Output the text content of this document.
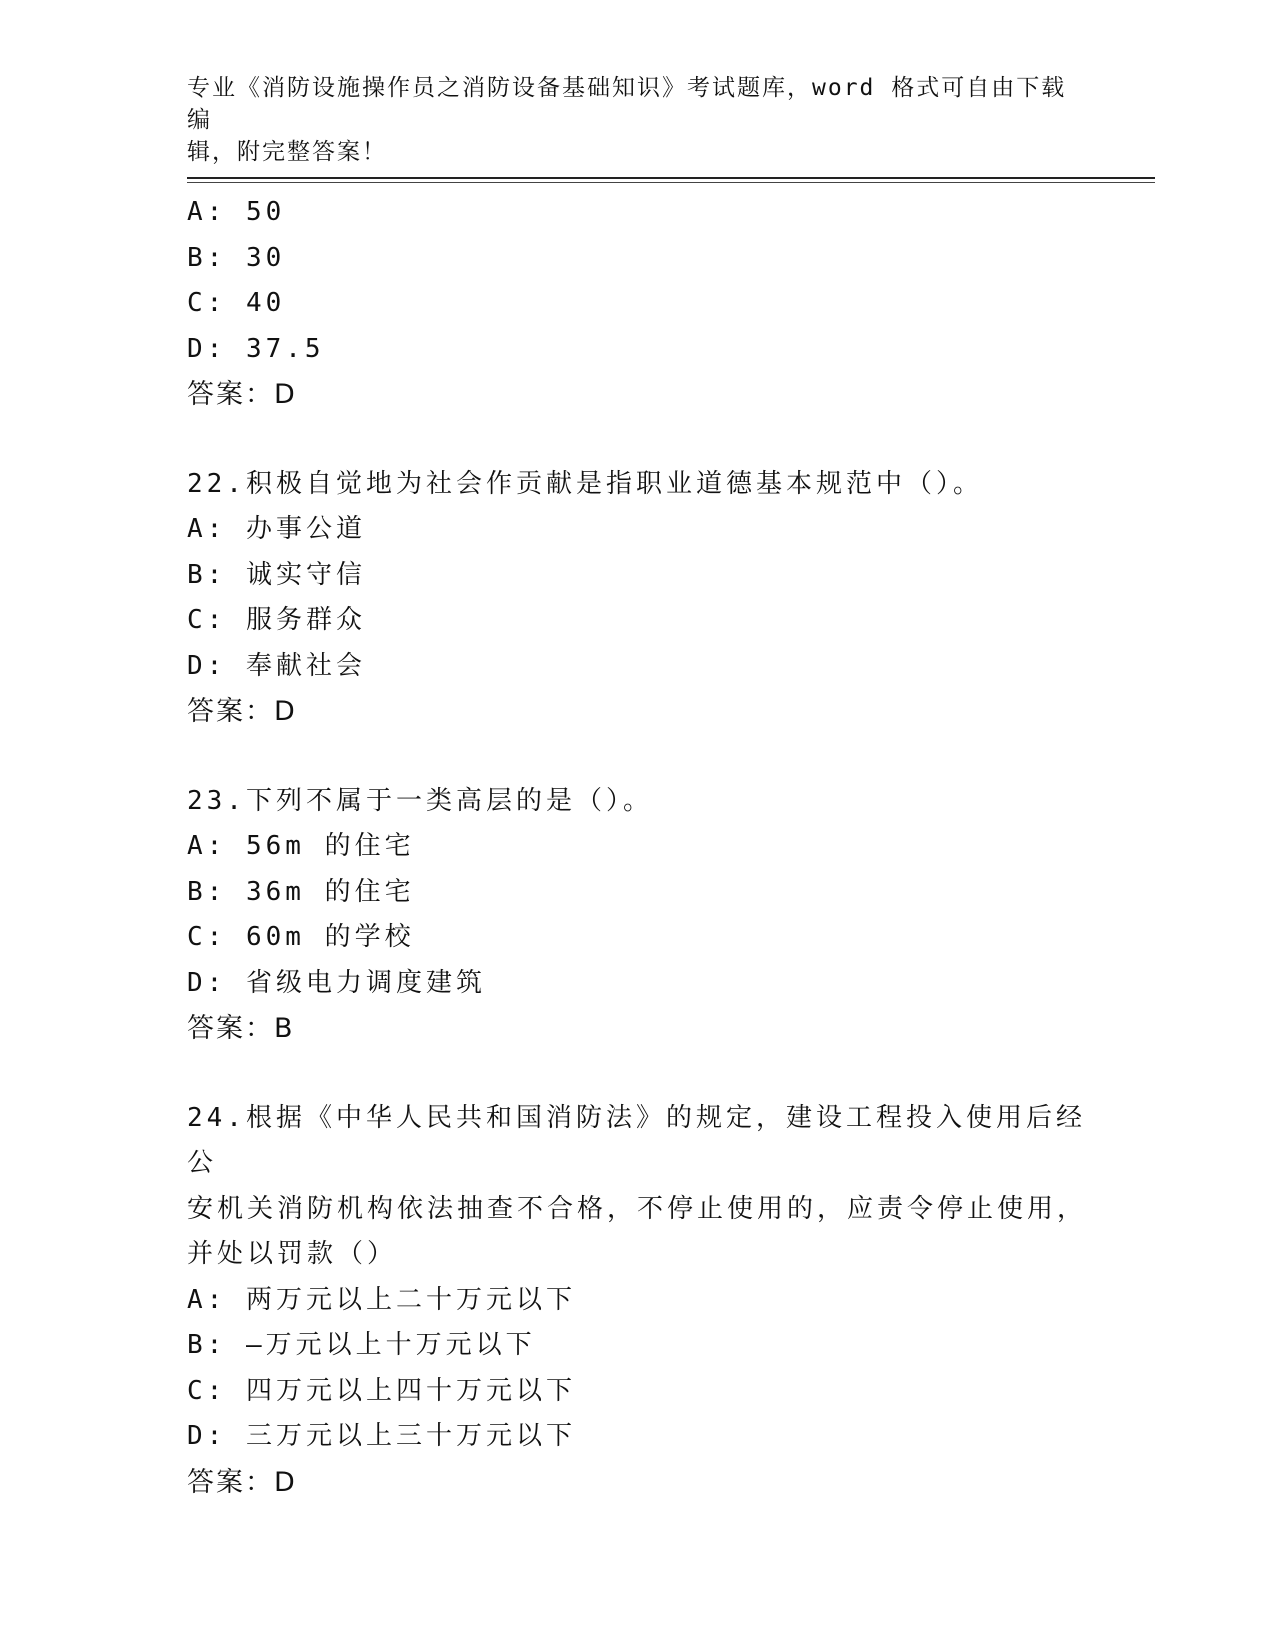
专业《消防设施操作员之消防设备基础知识》考试题库，word 格式可自由下载编
辑，附完整答案！
A: 50
B: 30
C: 40
D: 37.5
答案：D
22.积极自觉地为社会作贡献是指职业道德基本规范中（）。
A: 办事公道
B: 诚实守信
C: 服务群众
D: 奉献社会
答案：D
23.下列不属于一类高层的是（）。
A: 56m 的住宅
B: 36m 的住宅
C: 60m 的学校
D: 省级电力调度建筑
答案：B
24.根据《中华人民共和国消防法》的规定，建设工程投入使用后经公
安机关消防机构依法抽查不合格，不停止使用的，应责令停止使用，
并处以罚款（）
A: 两万元以上二十万元以下
B: —万元以上十万元以下
C: 四万元以上四十万元以下
D: 三万元以上三十万元以下
答案：D
